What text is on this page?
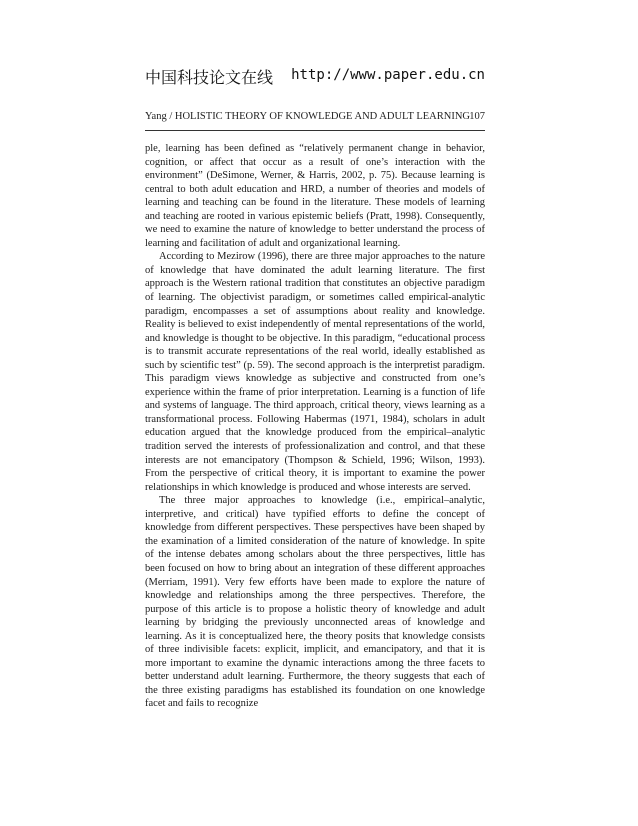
中国科技论文在线 http://www.paper.edu.cn
Yang / HOLISTIC THEORY OF KNOWLEDGE AND ADULT LEARNING 107

ple, learning has been defined as “relatively permanent change in behavior, cognition, or affect that occur as a result of one’s interaction with the environment” (DeSimone, Werner, & Harris, 2002, p. 75). Because learning is central to both adult education and HRD, a number of theories and models of learning and teaching can be found in the literature. These models of learning and teaching are rooted in various epistemic beliefs (Pratt, 1998). Consequently, we need to examine the nature of knowledge to better understand the process of learning and facilitation of adult and organizational learning.

According to Mezirow (1996), there are three major approaches to the nature of knowledge that have dominated the adult learning literature. The first approach is the Western rational tradition that constitutes an objective paradigm of learning. The objectivist paradigm, or sometimes called empirical-analytic paradigm, encompasses a set of assumptions about reality and knowledge. Reality is believed to exist independently of mental representations of the world, and knowledge is thought to be objective. In this paradigm, “educational process is to transmit accurate representations of the real world, ideally established as such by scientific test” (p. 59). The second approach is the interpretist paradigm. This paradigm views knowledge as subjective and constructed from one’s experience within the frame of prior interpretation. Learning is a function of life and systems of language. The third approach, critical theory, views learning as a transformational process. Following Habermas (1971, 1984), scholars in adult education argued that the knowledge produced from the empirical–analytic tradition served the interests of professionalization and control, and that these interests are not emancipatory (Thompson & Schield, 1996; Wilson, 1993). From the perspective of critical theory, it is important to examine the power relationships in which knowledge is produced and whose interests are served.

The three major approaches to knowledge (i.e., empirical–analytic, interpretive, and critical) have typified efforts to define the concept of knowledge from different perspectives. These perspectives have been shaped by the examination of a limited consideration of the nature of knowledge. In spite of the intense debates among scholars about the three perspectives, little has been focused on how to bring about an integration of these different approaches (Merriam, 1991). Very few efforts have been made to explore the nature of knowledge and relationships among the three perspectives. Therefore, the purpose of this article is to propose a holistic theory of knowledge and adult learning by bridging the previously unconnected areas of knowledge and learning. As it is conceptualized here, the theory posits that knowledge consists of three indivisible facets: explicit, implicit, and emancipatory, and that it is more important to examine the dynamic interactions among the three facets to better understand adult learning. Furthermore, the theory suggests that each of the three existing paradigms has established its foundation on one knowledge facet and fails to recognize
